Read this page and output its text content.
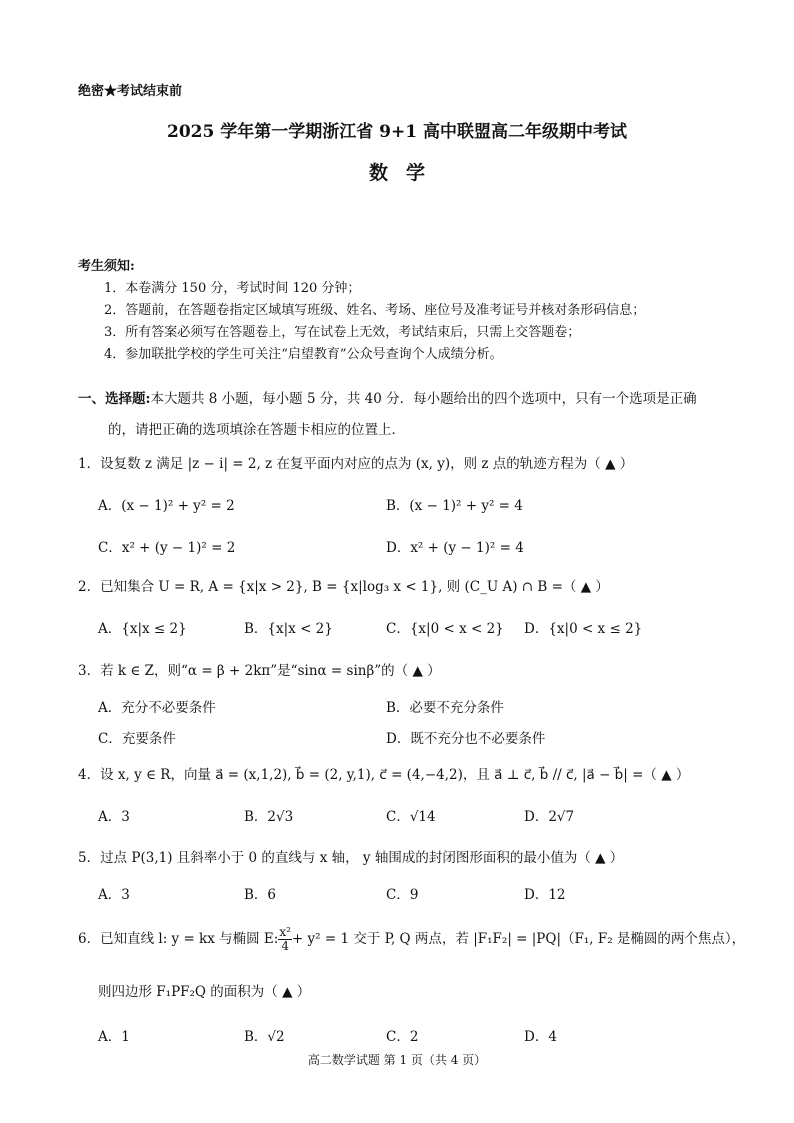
绝密★考试结束前
2025 学年第一学期浙江省 9+1 高中联盟高二年级期中考试
数学
考生须知:
1．本卷满分 150 分，考试时间 120 分钟；
2．答题前，在答题卷指定区域填写班级、姓名、考场、座位号及准考证号并核对条形码信息；
3．所有答案必须写在答题卷上，写在试卷上无效，考试结束后，只需上交答题卷；
4．参加联批学校的学生可关注“启望教育”公众号查询个人成绩分析。
一、选择题:本大题共 8 小题，每小题 5 分，共 40 分．每小题给出的四个选项中，只有一个选项是正确
的，请把正确的选项填涂在答题卡相应的位置上．
1．设复数 z 满足 |z − i| = 2, z 在复平面内对应的点为 (x, y)，则 z 点的轨迹方程为（ ▲ ）
A．(x − 1)² + y² = 2	B．(x − 1)² + y² = 4
C．x² + (y − 1)² = 2	D．x² + (y − 1)² = 4
2．已知集合 U = R, A = {x|x > 2}, B = {x|log₃ x < 1}, 则 (C_U A) ∩ B =（ ▲ ）
A．{x|x ≤ 2}	B．{x|x < 2}	C．{x|0 < x < 2} D．{x|0 < x ≤ 2}
3．若 k ∈ Z，则“α = β + 2kπ”是“sinα = sinβ”的（ ▲ ）
A．充分不必要条件	B．必要不充分条件
C．充要条件	D．既不充分也不必要条件
4．设 x, y ∈ R，向量 a⃗ = (x,1,2), b⃗ = (2, y,1), c⃗ = (4,−4,2)，且 a⃗ ⊥ c⃗, b⃗ // c⃗, |a⃗ − b⃗| =（ ▲ ）
A．3	B．2√3	C．√14	D．2√7
5．过点 P(3,1) 且斜率小于 0 的直线与 x 轴， y 轴围成的封闭图形面积的最小值为（ ▲ ）
A．3	B．6	C．9	D．12
6．已知直线 l: y = kx 与椭圆 E: $\frac{\text{x²}}{4} + y^2 = 1$ 交于 P, Q 两点，若 |F₁F₂| = |PQ|（F₁, F₂ 是椭圆的两个焦点），
则四边形 F₁PF₂Q 的面积为（ ▲ ）
A．1	B．√2	C．2	D．4
高二数学试题 第 1 页（共 4 页）
